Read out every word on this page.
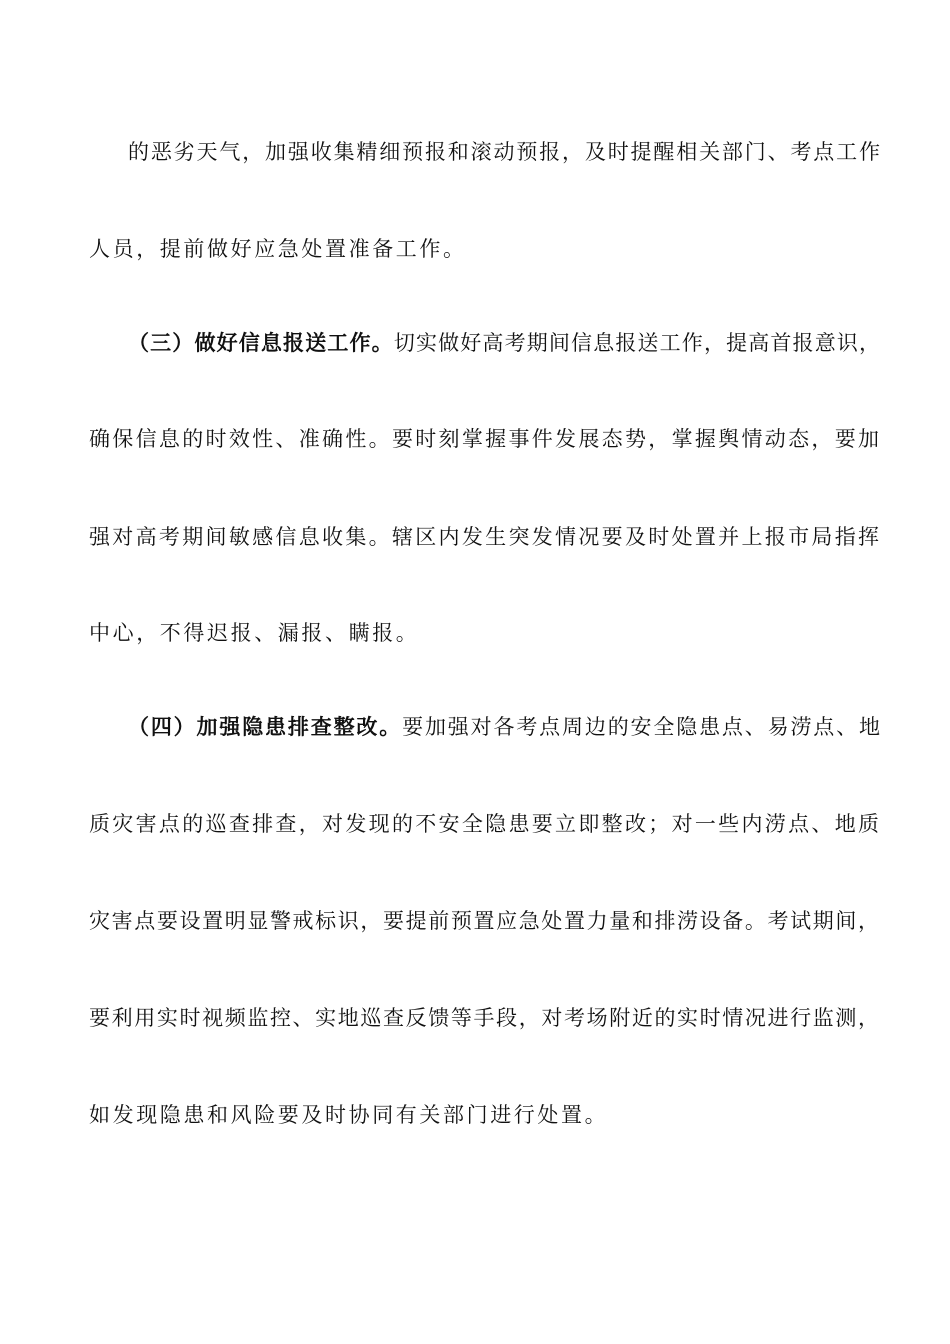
的恶劣天气，加强收集精细预报和滚动预报，及时提醒相关部门、考点工作
人员，提前做好应急处置准备工作。
（三）做好信息报送工作。切实做好高考期间信息报送工作，提高首报意识，
确保信息的时效性、准确性。要时刻掌握事件发展态势，掌握舆情动态，要加
强对高考期间敏感信息收集。辖区内发生突发情况要及时处置并上报市局指挥
中心，不得迟报、漏报、瞒报。
（四）加强隐患排查整改。要加强对各考点周边的安全隐患点、易涝点、地
质灾害点的巡查排查，对发现的不安全隐患要立即整改；对一些内涝点、地质
灾害点要设置明显警戒标识，要提前预置应急处置力量和排涝设备。考试期间，
要利用实时视频监控、实地巡查反馈等手段，对考场附近的实时情况进行监测，
如发现隐患和风险要及时协同有关部门进行处置。
